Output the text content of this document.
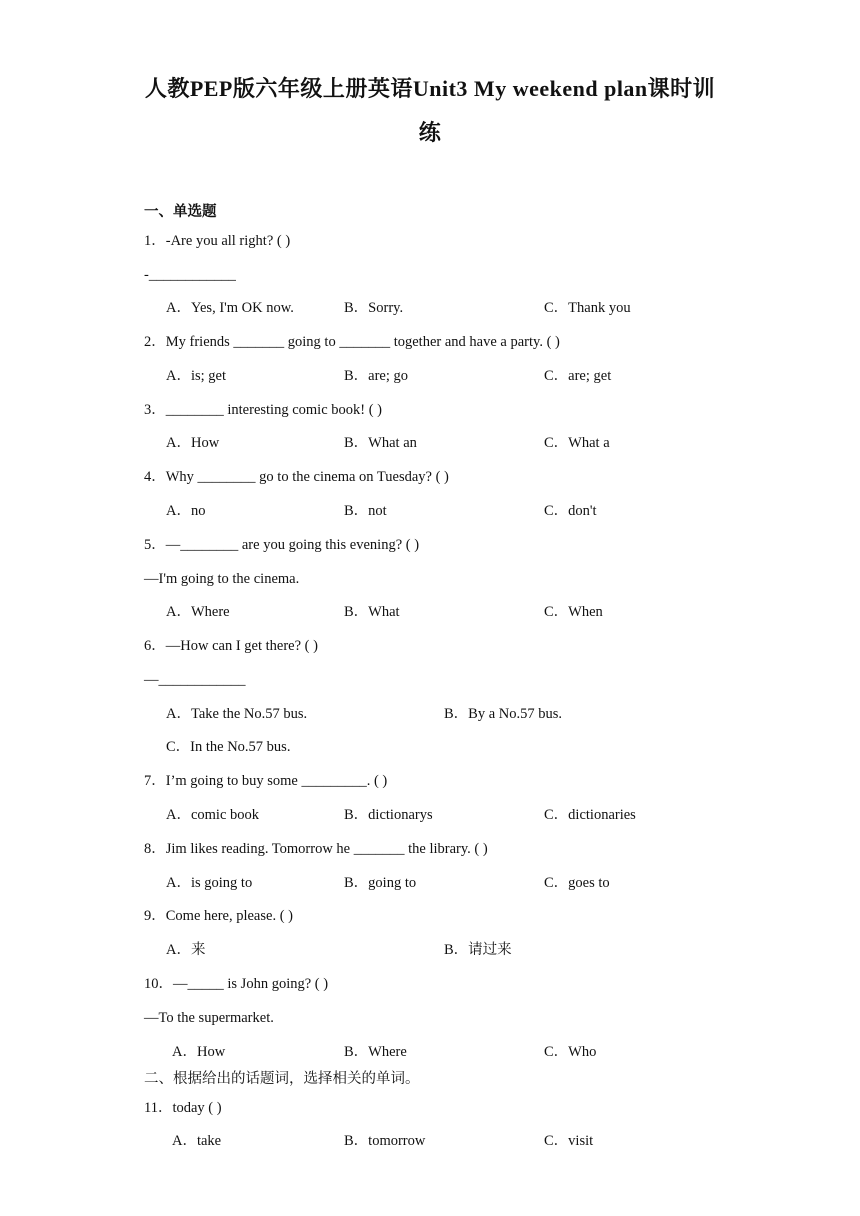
人教PEP版六年级上册英语Unit3 My weekend plan课时训
练
一、单选题
1．-Are you all right? ( )
-____________
A．Yes, I'm OK now.	B．Sorry.	C．Thank you
2．My friends _______ going to _______ together and have a party. ( )
A．is; get	B．are; go	C．are; get
3．________ interesting comic book! ( )
A．How	B．What an	C．What a
4．Why ________ go to the cinema on Tuesday? ( )
A．no	B．not	C．don't
5．—________ are you going this evening? ( )
—I'm going to the cinema.
A．Where	B．What	C．When
6．—How can I get there? ( )
—____________
A．Take the No.57 bus.	B．By a No.57 bus.
C．In the No.57 bus.
7．I’m going to buy some _________. ( )
A．comic book	B．dictionarys	C．dictionaries
8．Jim likes reading. Tomorrow he _______ the library. ( )
A．is going to	B．going to	C．goes to
9．Come here, please. ( )
A．来	B．请过来
10．—_____ is John going? ( )
—To the supermarket.
A．How	B．Where	C．Who
二、根据给出的话题词，选择相关的单词。
11．today ( )
A．take	B．tomorrow	C．visit
